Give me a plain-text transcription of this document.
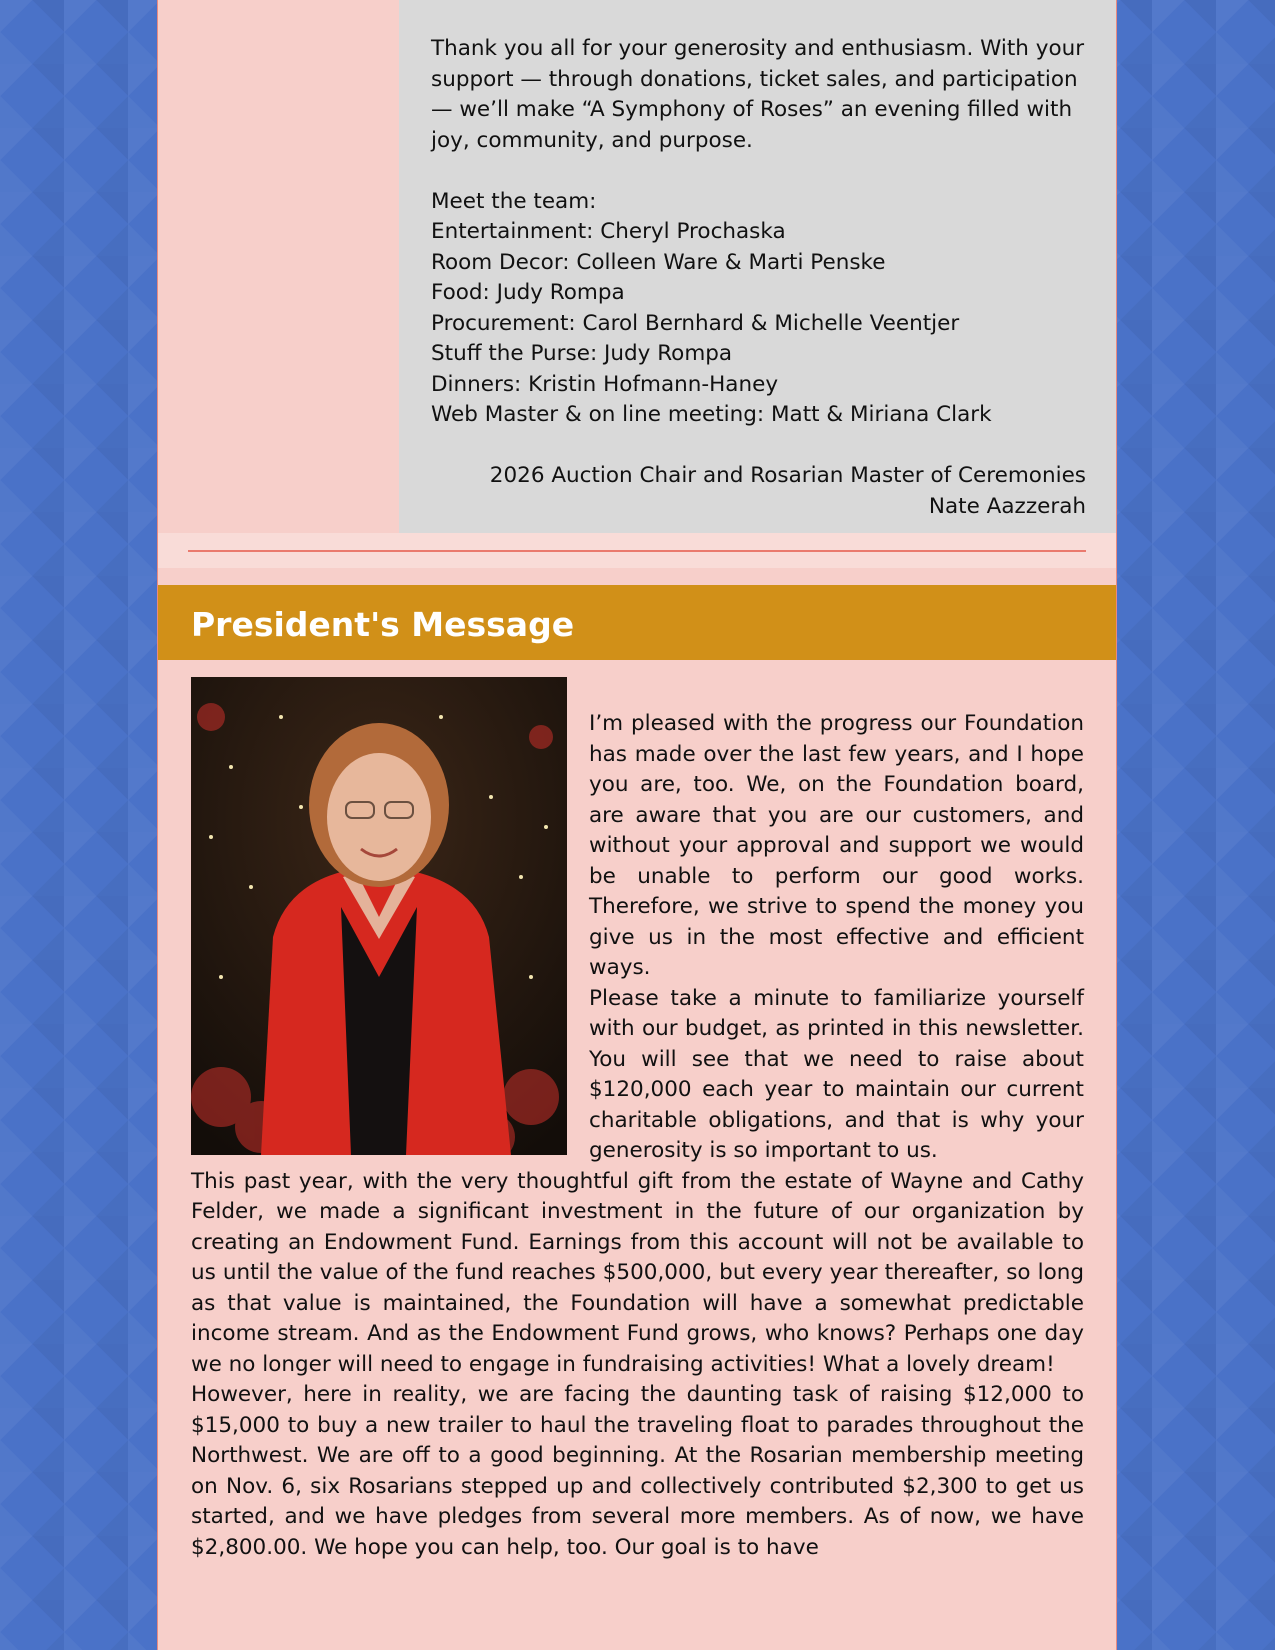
Thank you all for your generosity and enthusiasm. With your support — through donations, ticket sales, and participation — we’ll make “A Symphony of Roses” an evening filled with joy, community, and purpose.

Meet the team:

Entertainment: Cheryl Prochaska

Room Decor: Colleen Ware & Marti Penske

Food: Judy Rompa

Procurement: Carol Bernhard & Michelle Veentjer

Stuff the Purse: Judy Rompa

Dinners: Kristin Hofmann-Haney

Web Master & on line meeting: Matt & Miriana Clark

2026 Auction Chair and Rosarian Master of Ceremonies

Nate Aazzerah

President's Message

I’m pleased with the progress our Foundation has made over the last few years, and I hope you are, too. We, on the Foundation board, are aware that you are our customers, and without your approval and support we would be unable to perform our good works. Therefore, we strive to spend the money you give us in the most effective and efficient ways.

Please take a minute to familiarize yourself with our budget, as printed in this newsletter. You will see that we need to raise about $120,000 each year to maintain our current charitable obligations, and that is why your generosity is so important to us.

This past year, with the very thoughtful gift from the estate of Wayne and Cathy Felder, we made a significant investment in the future of our organization by creating an Endowment Fund. Earnings from this account will not be available to us until the value of the fund reaches $500,000, but every year thereafter, so long as that value is maintained, the Foundation will have a somewhat predictable income stream. And as the Endowment Fund grows, who knows? Perhaps one day we no longer will need to engage in fundraising activities! What a lovely dream!

However, here in reality, we are facing the daunting task of raising $12,000 to $15,000 to buy a new trailer to haul the traveling float to parades throughout the Northwest. We are off to a good beginning. At the Rosarian membership meeting on Nov. 6, six Rosarians stepped up and collectively contributed $2,300 to get us started, and we have pledges from several more members. As of now, we have $2,800.00. We hope you can help, too. Our goal is to have
